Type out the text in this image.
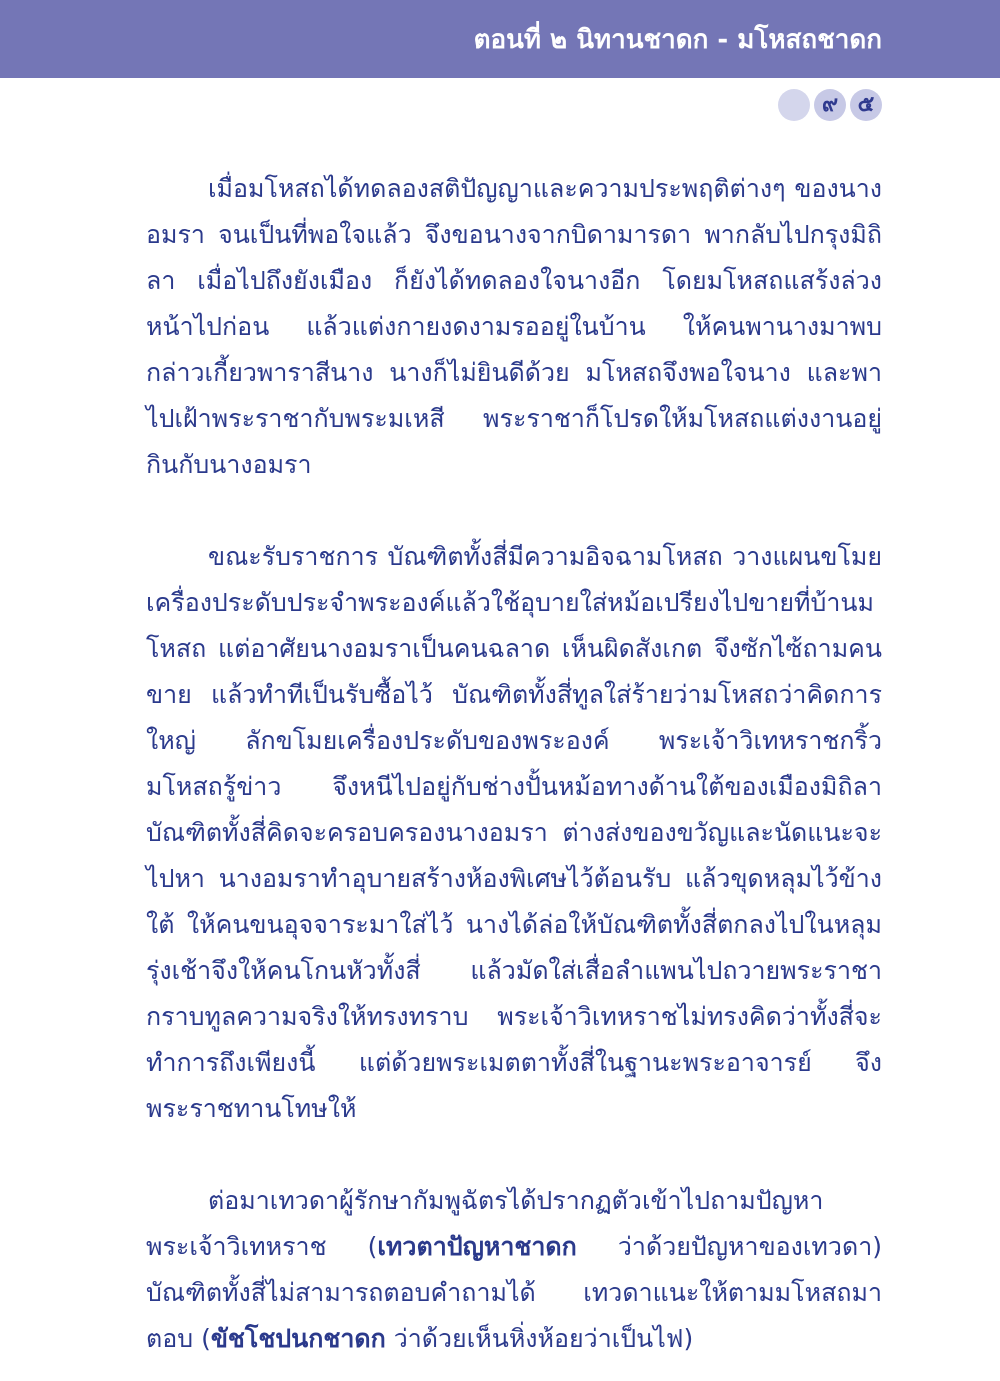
ตอนที่ ๒ นิทานชาดก - มโหสถชาดก
๙ ๕

เมื่อมโหสถได้ทดลองสติปัญญาและความประพฤติต่างๆ ของนางอมรา จนเป็นที่พอใจแล้ว จึงขอนางจากบิดามารดา พากลับไปกรุงมิถิลา เมื่อไปถึงยังเมือง ก็ยังได้ทดลองใจนางอีก โดยมโหสถแสร้งล่วงหน้าไปก่อน แล้วแต่งกายงดงามรออยู่ในบ้าน ให้คนพานางมาพบ กล่าวเกี้ยวพาราสีนาง นางก็ไม่ยินดีด้วย มโหสถจึงพอใจนาง และพาไปเฝ้าพระราชากับพระมเหสี พระราชาก็โปรดให้มโหสถแต่งงานอยู่กินกับนางอมรา

ขณะรับราชการ บัณฑิตทั้งสี่มีความอิจฉามโหสถ วางแผนขโมยเครื่องประดับประจำพระองค์แล้วใช้อุบายใส่หม้อเปรียงไปขายที่บ้านมโหสถ แต่อาศัยนางอมราเป็นคนฉลาด เห็นผิดสังเกต จึงซักไซ้ถามคนขาย แล้วทำทีเป็นรับซื้อไว้ บัณฑิตทั้งสี่ทูลใส่ร้ายว่ามโหสถว่าคิดการใหญ่ ลักขโมยเครื่องประดับของพระองค์ พระเจ้าวิเทหราชกริ้ว มโหสถรู้ข่าว จึงหนีไปอยู่กับช่างปั้นหม้อทางด้านใต้ของเมืองมิถิลา บัณฑิตทั้งสี่คิดจะครอบครองนางอมรา ต่างส่งของขวัญและนัดแนะจะไปหา นางอมราทำอุบายสร้างห้องพิเศษไว้ต้อนรับ แล้วขุดหลุมไว้ข้างใต้ ให้คนขนอุจจาระมาใส่ไว้ นางได้ล่อให้บัณฑิตทั้งสี่ตกลงไปในหลุม รุ่งเช้าจึงให้คนโกนหัวทั้งสี่ แล้วมัดใส่เสื่อลำแพนไปถวายพระราชา กราบทูลความจริงให้ทรงทราบ พระเจ้าวิเทหราชไม่ทรงคิดว่าทั้งสี่จะทำการถึงเพียงนี้ แต่ด้วยพระเมตตาทั้งสี่ในฐานะพระอาจารย์ จึงพระราชทานโทษให้

ต่อมาเทวดาผู้รักษากัมพูฉัตรได้ปรากฏตัวเข้าไปถามปัญหาพระเจ้าวิเทหราช (เทวตาปัญหาชาดก ว่าด้วยปัญหาของเทวดา) บัณฑิตทั้งสี่ไม่สามารถตอบคำถามได้ เทวดาแนะให้ตามมโหสถมาตอบ (ขัชโชปนกชาดก ว่าด้วยเห็นหิ่งห้อยว่าเป็นไฟ)
